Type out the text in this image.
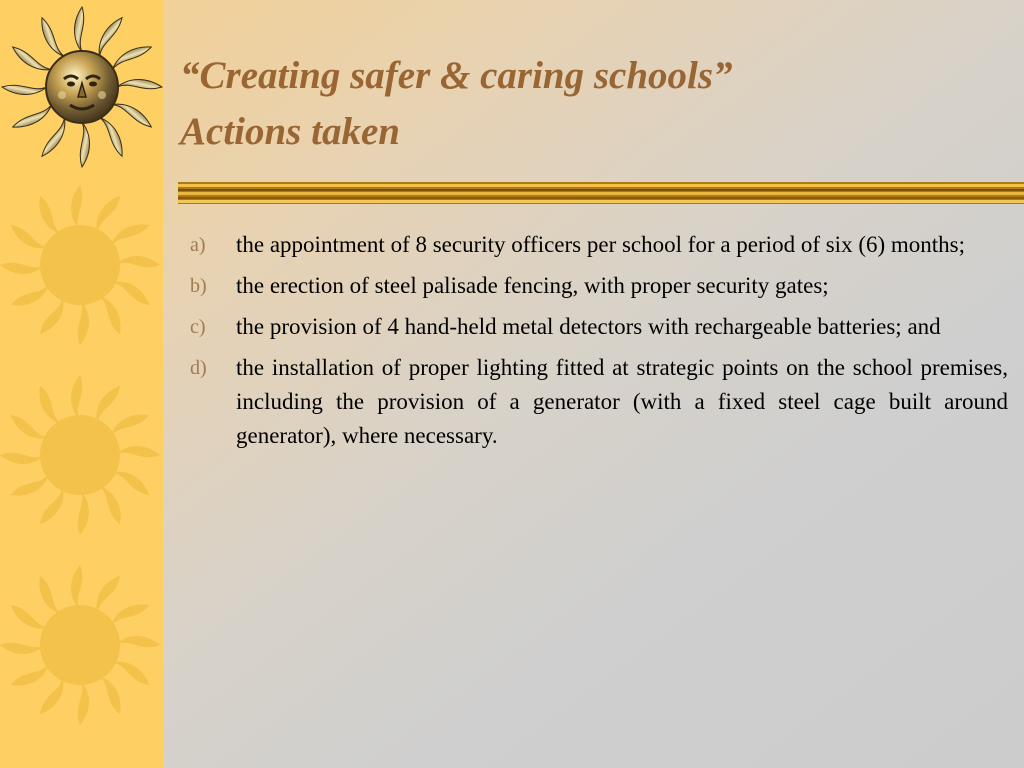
“Creating safer & caring schools”
Actions taken
a)	the appointment of 8 security officers per school for a period of six (6) months;
b)	the erection of steel palisade fencing, with proper security gates;
c)	the provision of 4 hand-held metal detectors with rechargeable batteries; and
d)	the installation of proper lighting fitted at strategic points on the school premises, including the provision of a generator (with a fixed steel cage built around generator), where necessary.
